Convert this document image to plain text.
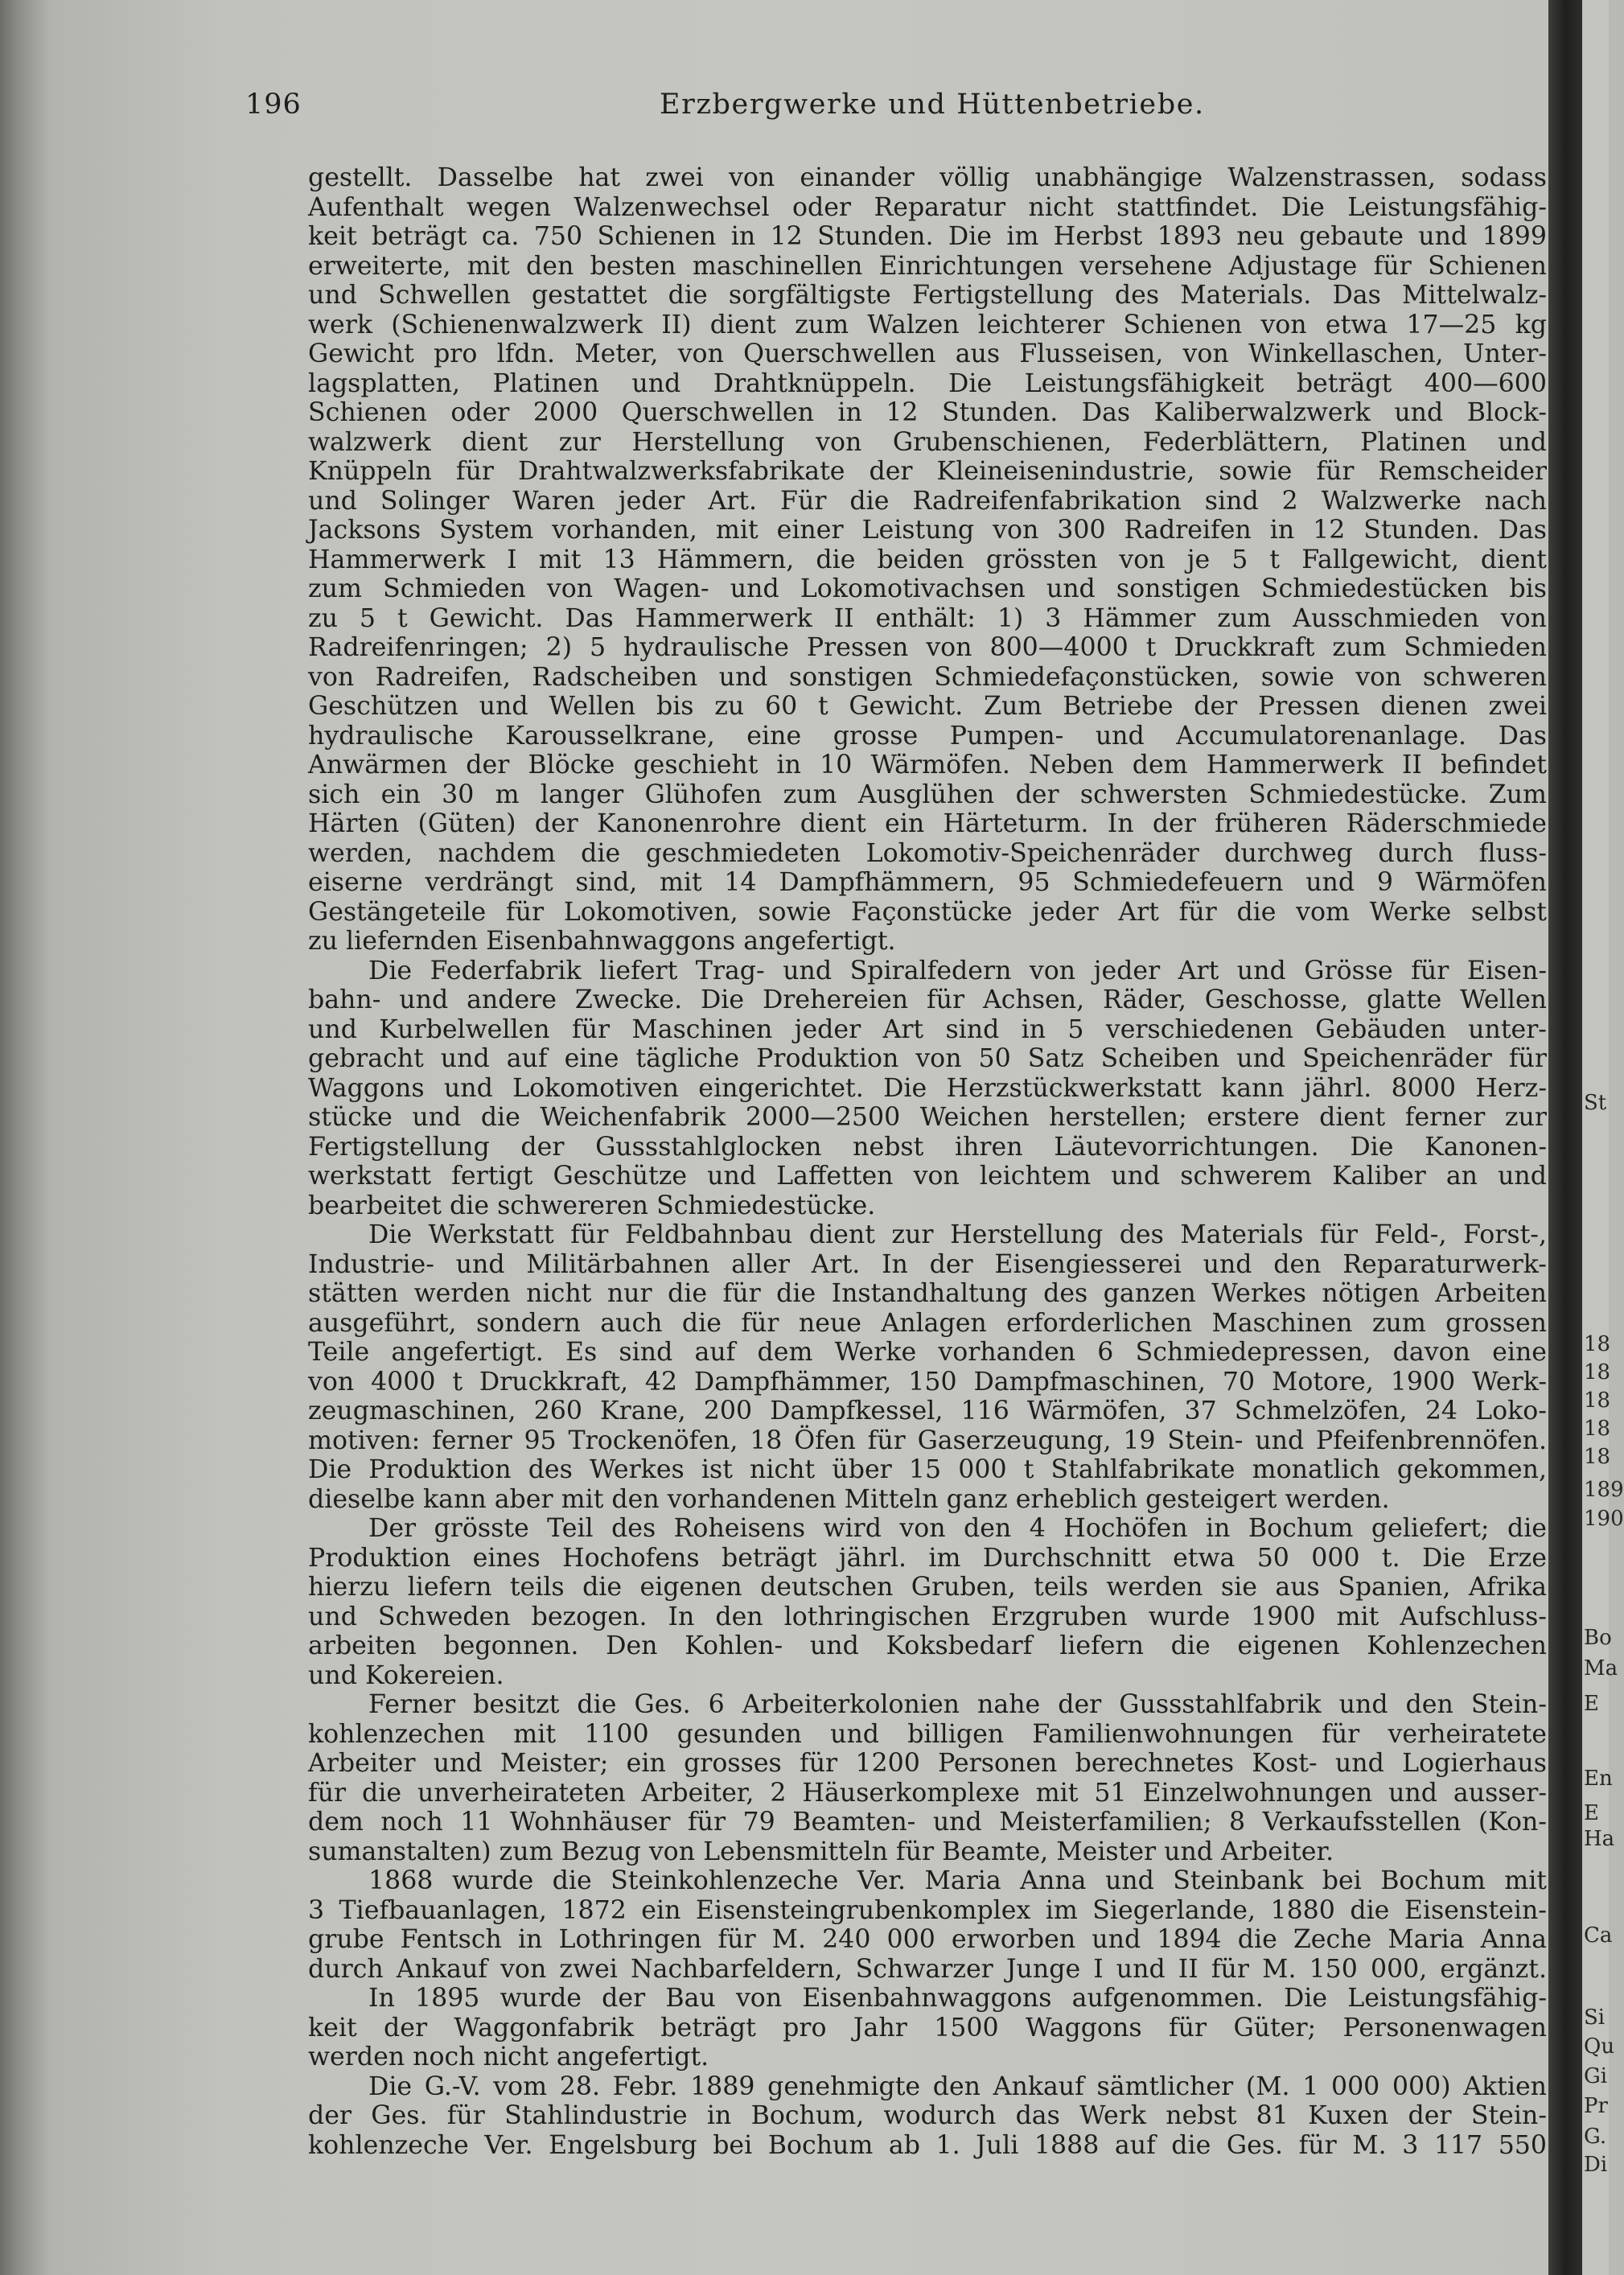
196	Erzbergwerke und Hüttenbetriebe.
gestellt. Dasselbe hat zwei von einander völlig unabhängige Walzenstrassen, sodass
Aufenthalt wegen Walzenwechsel oder Reparatur nicht stattfindet. Die Leistungsfähig-
keit beträgt ca. 750 Schienen in 12 Stunden. Die im Herbst 1893 neu gebaute und 1899
erweiterte, mit den besten maschinellen Einrichtungen versehene Adjustage für Schienen
und Schwellen gestattet die sorgfältigste Fertigstellung des Materials. Das Mittelwalz-
werk (Schienenwalzwerk II) dient zum Walzen leichterer Schienen von etwa 17—25 kg
Gewicht pro lfdn. Meter, von Querschwellen aus Flusseisen, von Winkellaschen, Unter-
lagsplatten, Platinen und Drahtknüppeln. Die Leistungsfähigkeit beträgt 400—600
Schienen oder 2000 Querschwellen in 12 Stunden. Das Kaliberwalzwerk und Block-
walzwerk dient zur Herstellung von Grubenschienen, Federblättern, Platinen und
Knüppeln für Drahtwalzwerksfabrikate der Kleineisenindustrie, sowie für Remscheider
und Solinger Waren jeder Art. Für die Radreifenfabrikation sind 2 Walzwerke nach
Jacksons System vorhanden, mit einer Leistung von 300 Radreifen in 12 Stunden. Das
Hammerwerk I mit 13 Hämmern, die beiden grössten von je 5 t Fallgewicht, dient
zum Schmieden von Wagen- und Lokomotivachsen und sonstigen Schmiedestücken bis
zu 5 t Gewicht. Das Hammerwerk II enthält: 1) 3 Hämmer zum Ausschmieden von
Radreifenringen; 2) 5 hydraulische Pressen von 800—4000 t Druckkraft zum Schmieden
von Radreifen, Radscheiben und sonstigen Schmiedefaçonstücken, sowie von schweren
Geschützen und Wellen bis zu 60 t Gewicht. Zum Betriebe der Pressen dienen zwei
hydraulische Karousselkrane, eine grosse Pumpen- und Accumulatorenanlage. Das
Anwärmen der Blöcke geschieht in 10 Wärmöfen. Neben dem Hammerwerk II befindet
sich ein 30 m langer Glühofen zum Ausglühen der schwersten Schmiedestücke. Zum
Härten (Güten) der Kanonenrohre dient ein Härteturm. In der früheren Räderschmiede
werden, nachdem die geschmiedeten Lokomotiv-Speichenräder durchweg durch fluss-
eiserne verdrängt sind, mit 14 Dampfhämmern, 95 Schmiedefeuern und 9 Wärmöfen
Gestängeteile für Lokomotiven, sowie Façonstücke jeder Art für die vom Werke selbst
zu liefernden Eisenbahnwaggons angefertigt.
Die Federfabrik liefert Trag- und Spiralfedern von jeder Art und Grösse für Eisen-
bahn- und andere Zwecke. Die Drehereien für Achsen, Räder, Geschosse, glatte Wellen
und Kurbelwellen für Maschinen jeder Art sind in 5 verschiedenen Gebäuden unter-
gebracht und auf eine tägliche Produktion von 50 Satz Scheiben und Speichenräder für
Waggons und Lokomotiven eingerichtet. Die Herzstückwerkstatt kann jährl. 8000 Herz-
stücke und die Weichenfabrik 2000—2500 Weichen herstellen; erstere dient ferner zur
Fertigstellung der Gussstahlglocken nebst ihren Läutevorrichtungen. Die Kanonen-
werkstatt fertigt Geschütze und Laffetten von leichtem und schwerem Kaliber an und
bearbeitet die schwereren Schmiedestücke.
Die Werkstatt für Feldbahnbau dient zur Herstellung des Materials für Feld-, Forst-,
Industrie- und Militärbahnen aller Art. In der Eisengiesserei und den Reparaturwerk-
stätten werden nicht nur die für die Instandhaltung des ganzen Werkes nötigen Arbeiten
ausgeführt, sondern auch die für neue Anlagen erforderlichen Maschinen zum grossen
Teile angefertigt. Es sind auf dem Werke vorhanden 6 Schmiedepressen, davon eine
von 4000 t Druckkraft, 42 Dampfhämmer, 150 Dampfmaschinen, 70 Motore, 1900 Werk-
zeugmaschinen, 260 Krane, 200 Dampfkessel, 116 Wärmöfen, 37 Schmelzöfen, 24 Loko-
motiven: ferner 95 Trockenöfen, 18 Öfen für Gaserzeugung, 19 Stein- und Pfeifenbrennöfen.
Die Produktion des Werkes ist nicht über 15 000 t Stahlfabrikate monatlich gekommen,
dieselbe kann aber mit den vorhandenen Mitteln ganz erheblich gesteigert werden.
Der grösste Teil des Roheisens wird von den 4 Hochöfen in Bochum geliefert; die
Produktion eines Hochofens beträgt jährl. im Durchschnitt etwa 50 000 t. Die Erze
hierzu liefern teils die eigenen deutschen Gruben, teils werden sie aus Spanien, Afrika
und Schweden bezogen. In den lothringischen Erzgruben wurde 1900 mit Aufschluss-
arbeiten begonnen. Den Kohlen- und Koksbedarf liefern die eigenen Kohlenzechen
und Kokereien.
Ferner besitzt die Ges. 6 Arbeiterkolonien nahe der Gussstahlfabrik und den Stein-
kohlenzechen mit 1100 gesunden und billigen Familienwohnungen für verheiratete
Arbeiter und Meister; ein grosses für 1200 Personen berechnetes Kost- und Logierhaus
für die unverheirateten Arbeiter, 2 Häuserkomplexe mit 51 Einzelwohnungen und ausser-
dem noch 11 Wohnhäuser für 79 Beamten- und Meisterfamilien; 8 Verkaufsstellen (Kon-
sumanstalten) zum Bezug von Lebensmitteln für Beamte, Meister und Arbeiter.
1868 wurde die Steinkohlenzeche Ver. Maria Anna und Steinbank bei Bochum mit
3 Tiefbauanlagen, 1872 ein Eisensteingrubenkomplex im Siegerlande, 1880 die Eisenstein-
grube Fentsch in Lothringen für M. 240 000 erworben und 1894 die Zeche Maria Anna
durch Ankauf von zwei Nachbarfeldern, Schwarzer Junge I und II für M. 150 000, ergänzt.
In 1895 wurde der Bau von Eisenbahnwaggons aufgenommen. Die Leistungsfähig-
keit der Waggonfabrik beträgt pro Jahr 1500 Waggons für Güter; Personenwagen
werden noch nicht angefertigt.
Die G.-V. vom 28. Febr. 1889 genehmigte den Ankauf sämtlicher (M. 1 000 000) Aktien
der Ges. für Stahlindustrie in Bochum, wodurch das Werk nebst 81 Kuxen der Stein-
kohlenzeche Ver. Engelsburg bei Bochum ab 1. Juli 1888 auf die Ges. für M. 3 117 550
St
18
18
18
18
18
189
190
Bo
Ma
E
En
E
Ha
Ca
Si
Qu
Gi
Pr
G.
Di
